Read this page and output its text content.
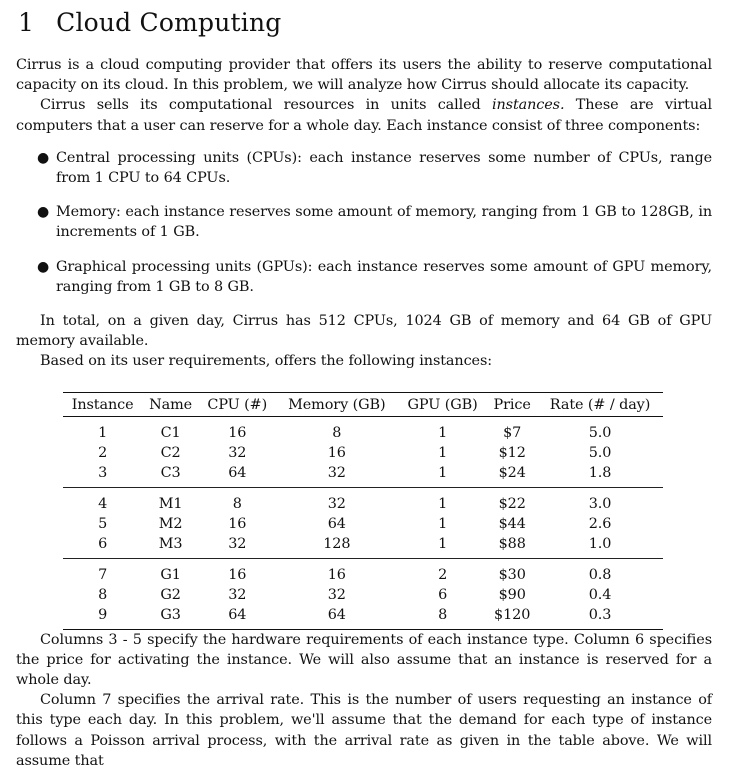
1 Cloud Computing

Cirrus is a cloud computing provider that offers its users the ability to reserve computational capacity on its cloud. In this problem, we will analyze how Cirrus should allocate its capacity.

Cirrus sells its computational resources in units called instances. These are virtual computers that a user can reserve for a whole day. Each instance consist of three components:

● Central processing units (CPUs): each instance reserves some number of CPUs, range from 1 CPU to 64 CPUs.
● Memory: each instance reserves some amount of memory, ranging from 1 GB to 128GB, in increments of 1 GB.
● Graphical processing units (GPUs): each instance reserves some amount of GPU memory, ranging from 1 GB to 8 GB.

In total, on a given day, Cirrus has 512 CPUs, 1024 GB of memory and 64 GB of GPU memory available.

Based on its user requirements, offers the following instances:

Instance	Name	CPU (#)	Memory (GB)	GPU (GB)	Price	Rate (# / day)
1	C1	16	8	1	$7	5.0
2	C2	32	16	1	$12	5.0
3	C3	64	32	1	$24	1.8
4	M1	8	32	1	$22	3.0
5	M2	16	64	1	$44	2.6
6	M3	32	128	1	$88	1.0
7	G1	16	16	2	$30	0.8
8	G2	32	32	6	$90	0.4
9	G3	64	64	8	$120	0.3

Columns 3 - 5 specify the hardware requirements of each instance type. Column 6 specifies the price for activating the instance. We will also assume that an instance is reserved for a whole day.

Column 7 specifies the arrival rate. This is the number of users requesting an instance of this type each day. In this problem, we'll assume that the demand for each type of instance follows a Poisson arrival process, with the arrival rate as given in the table above. We will assume that
